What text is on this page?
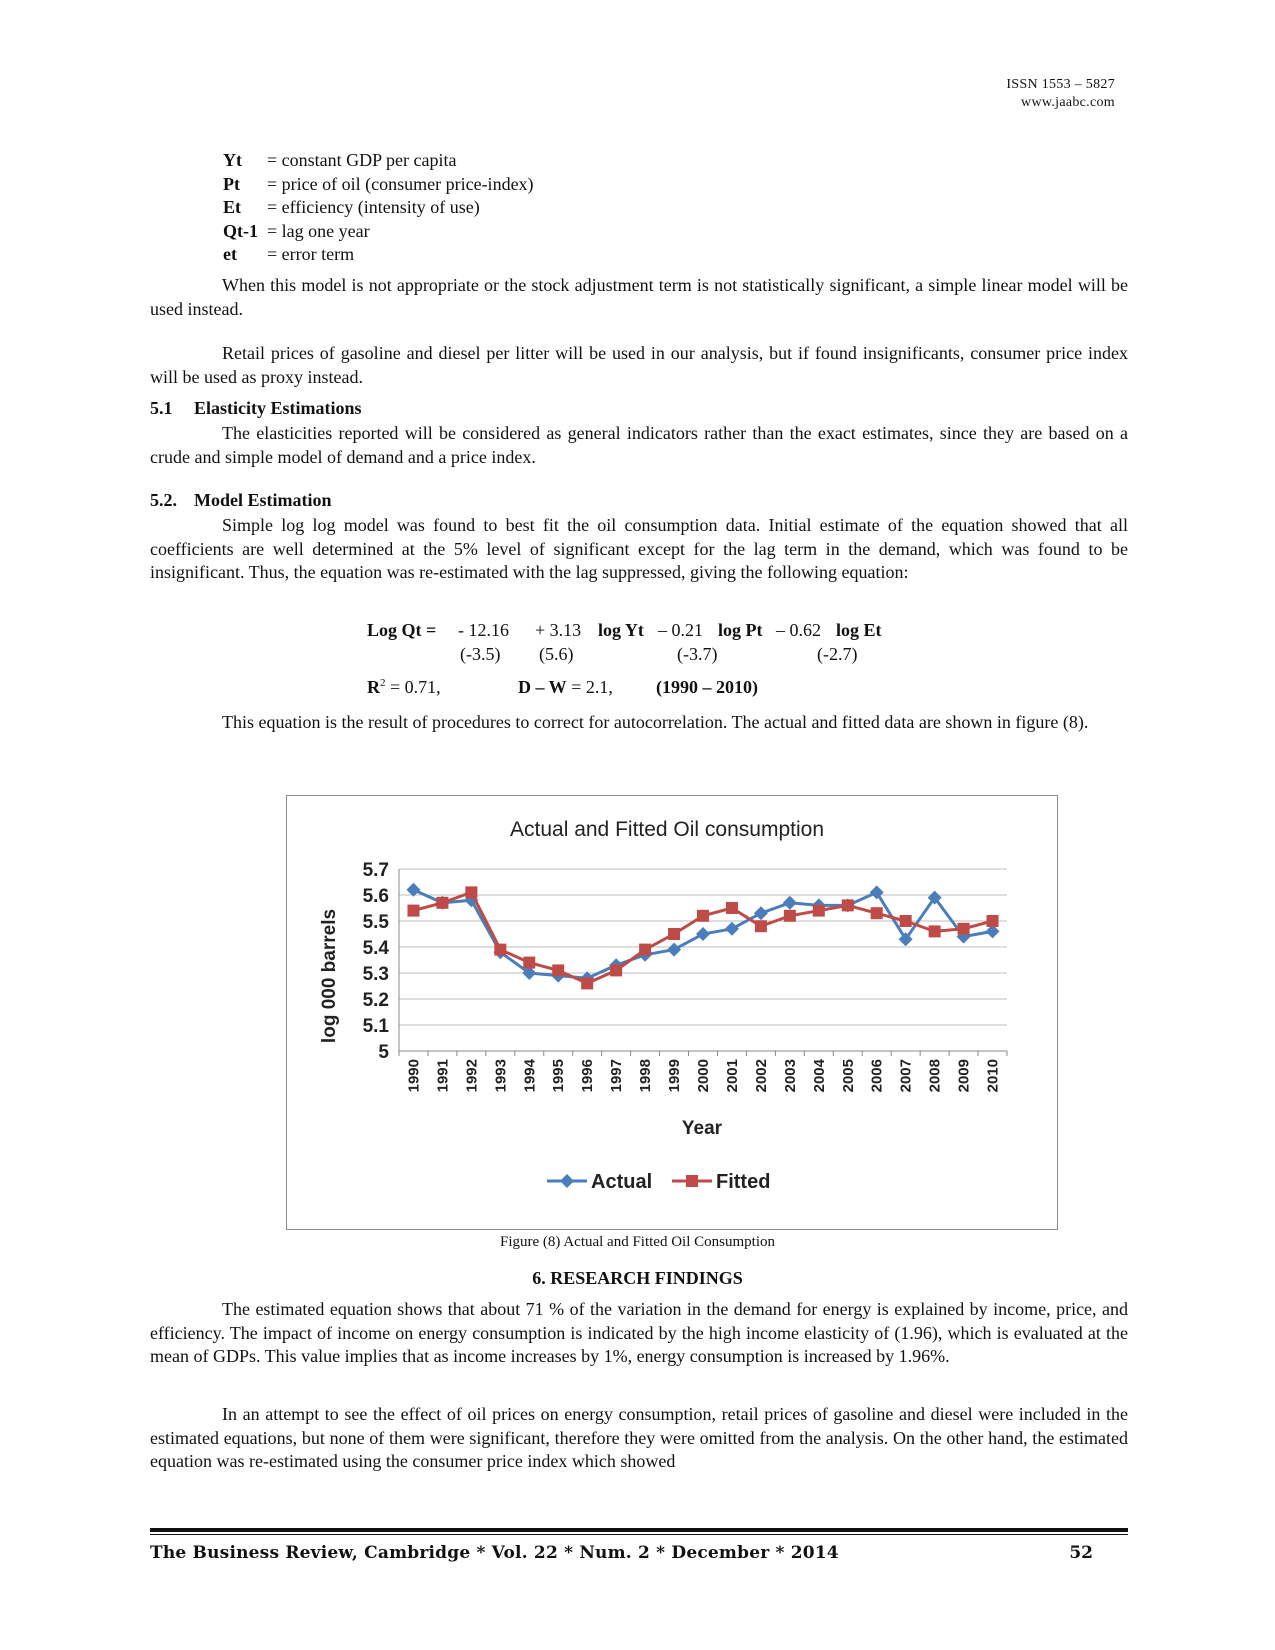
ISSN 1553 – 5827
www.jaabc.com
Yt = constant GDP per capita
Pt = price of oil (consumer price-index)
Et = efficiency (intensity of use)
Qt-1 = lag one year
et = error term

When this model is not appropriate or the stock adjustment term is not statistically significant, a simple linear model will be used instead.

Retail prices of gasoline and diesel per litter will be used in our analysis, but if found insignificants, consumer price index will be used as proxy instead.

5.1 Elasticity Estimations

The elasticities reported will be considered as general indicators rather than the exact estimates, since they are based on a crude and simple model of demand and a price index.

5.2. Model Estimation

Simple log log model was found to best fit the oil consumption data. Initial estimate of the equation showed that all coefficients are well determined at the 5% level of significant except for the lag term in the demand, which was found to be insignificant. Thus, the equation was re-estimated with the lag suppressed, giving the following equation:

Log Qt = - 12.16 + 3.13 log Yt – 0.21 log Pt – 0.62 log Et
(-3.5) (5.6)	(-3.7)	(-2.7)
$R^2 = 0.71$,	D – W = 2.1, (1990 – 2010)

This equation is the result of procedures to correct for autocorrelation. The actual and fitted data are shown in figure (8).

Actual and Fitted Oil consumption
5
5.1
5.2
5.3
5.4
5.5
5.6
5.7
1990 1991 1992 1993 1994 1995 1996 1997 1998 1999 2000 2001 2002 2003 2004 2005 2006 2007 2008 2009 2010
log 000 barrels
Year
Actual	Fitted
Figure (8) Actual and Fitted Oil Consumption
6. RESEARCH FINDINGS

The estimated equation shows that about 71 % of the variation in the demand for energy is explained by income, price, and efficiency. The impact of income on energy consumption is indicated by the high income elasticity of (1.96), which is evaluated at the mean of GDPs. This value implies that as income increases by 1%, energy consumption is increased by 1.96%.

In an attempt to see the effect of oil prices on energy consumption, retail prices of gasoline and diesel were included in the estimated equations, but none of them were significant, therefore they were omitted from the analysis. On the other hand, the estimated equation was re-estimated using the consumer price index which showed

The Business Review, Cambridge * Vol. 22 * Num. 2 * December * 2014	52
